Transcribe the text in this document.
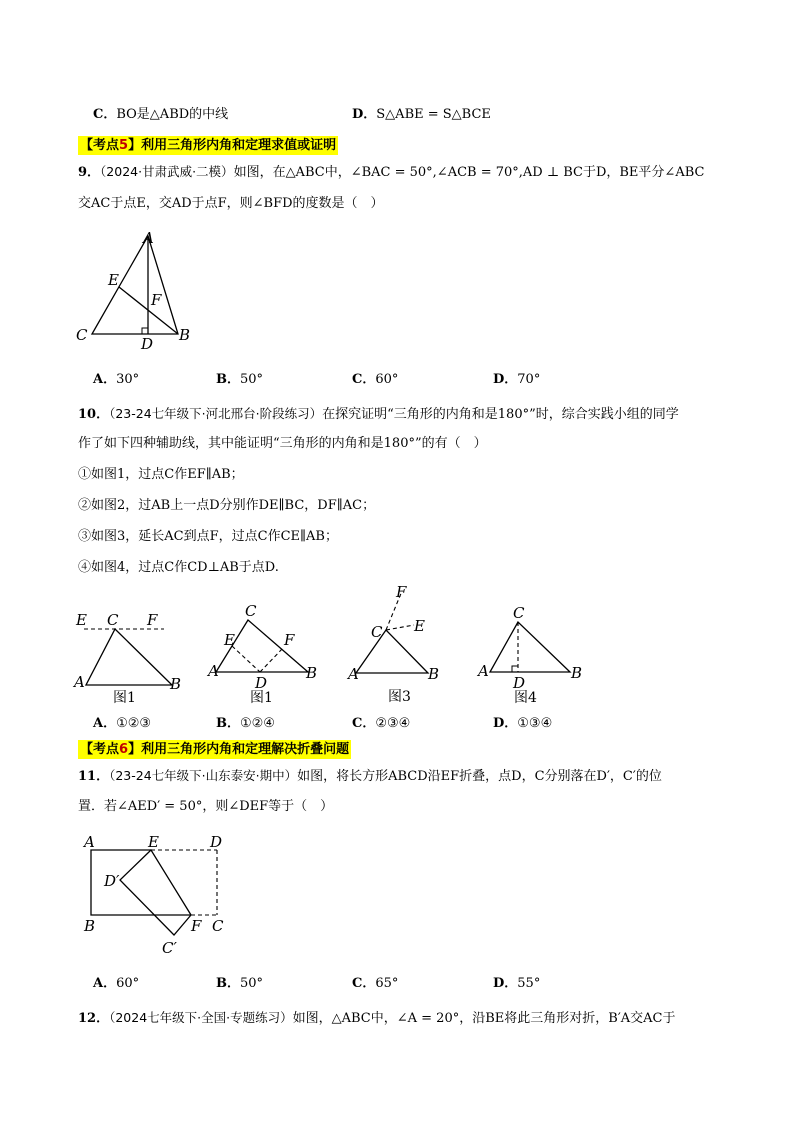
C．BO是△ABD的中线	D．S△ABE = S△BCE
【考点5】利用三角形内角和定理求值或证明
9．（2024·甘肃武威·二模）如图，在△ABC中，∠BAC = 50°,∠ACB = 70°,AD ⊥ BC于D，BE平分∠ABC
交AC于点E，交AD于点F，则∠BFD的度数是（　）
A
E
F
C	B
D
A．30°	B．50°	C．60°	D．70°
10．（23-24七年级下·河北邢台·阶段练习）在探究证明“三角形的内角和是180°”时，综合实践小组的同学
作了如下四种辅助线，其中能证明“三角形的内角和是180°”的有（　）
①如图1，过点C作EF∥AB；
②如图2，过AB上一点D分别作DE∥BC，DF∥AC；
③如图3，延长AC到点F，过点C作CE∥AB；
④如图4，过点C作CD⊥AB于点D.
E C F
A	B
图1
C
E	F
A	B
D
图1
F
E
C
A	B
图3
C
A	B
D
图4
A．①②③	B．①②④	C．②③④	D．①③④
【考点6】利用三角形内角和定理解决折叠问题
11．（23-24七年级下·山东泰安·期中）如图，将长方形ABCD沿EF折叠，点D，C分别落在D′，C′的位
置．若∠AED′ = 50°，则∠DEF等于（　）
A	E	D
D′
B	F C
C′
A．60°	B．50°	C．65°	D．55°
12．（2024七年级下·全国·专题练习）如图，△ABC中，∠A = 20°，沿BE将此三角形对折，B′A交AC于
